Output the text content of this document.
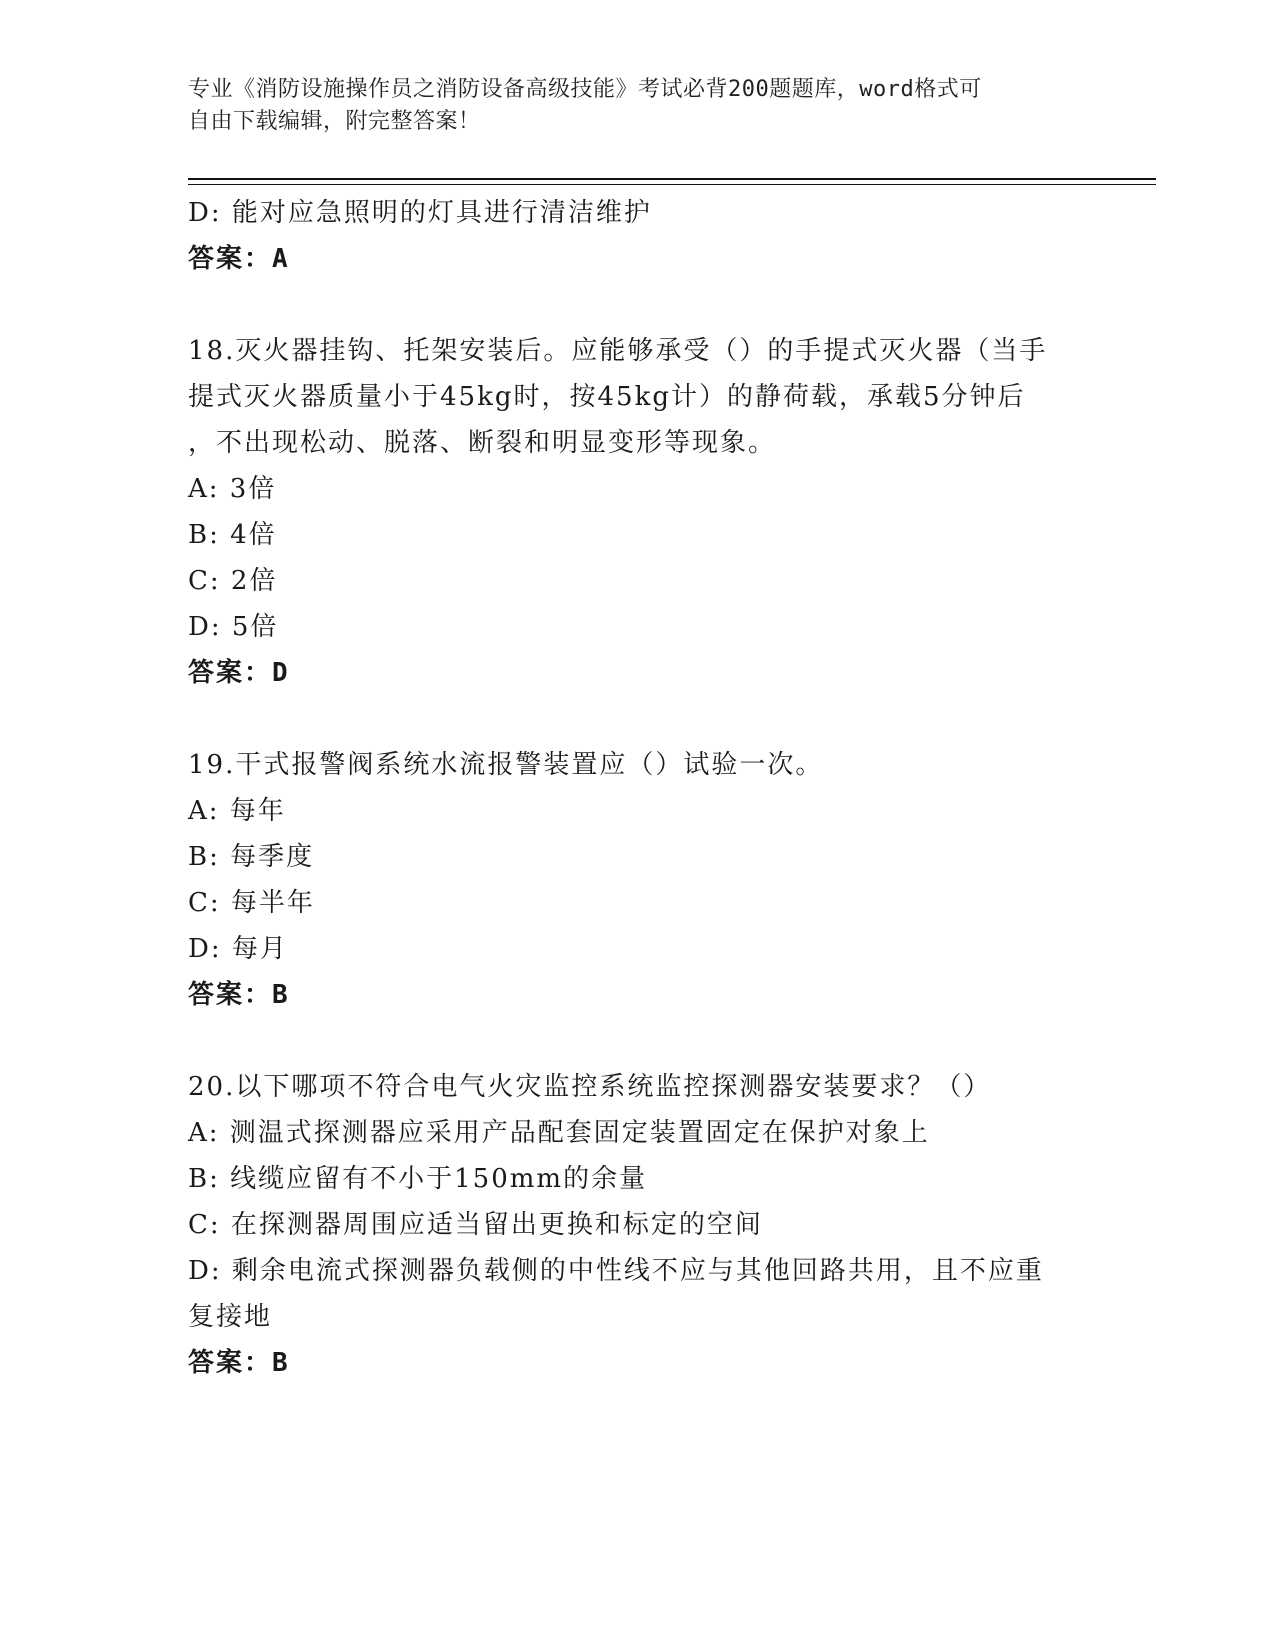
专业《消防设施操作员之消防设备高级技能》考试必背200题题库，word格式可
自由下载编辑，附完整答案！
D: 能对应急照明的灯具进行清洁维护
答案：A
18.灭火器挂钩、托架安装后。应能够承受（）的手提式灭火器（当手
提式灭火器质量小于45kg时，按45kg计）的静荷载，承载5分钟后
，不出现松动、脱落、断裂和明显变形等现象。
A: 3倍
B: 4倍
C: 2倍
D: 5倍
答案：D
19.干式报警阀系统水流报警装置应（）试验一次。
A: 每年
B: 每季度
C: 每半年
D: 每月
答案：B
20.以下哪项不符合电气火灾监控系统监控探测器安装要求？（）
A: 测温式探测器应采用产品配套固定装置固定在保护对象上
B: 线缆应留有不小于150mm的余量
C: 在探测器周围应适当留出更换和标定的空间
D: 剩余电流式探测器负载侧的中性线不应与其他回路共用，且不应重
复接地
答案：B
